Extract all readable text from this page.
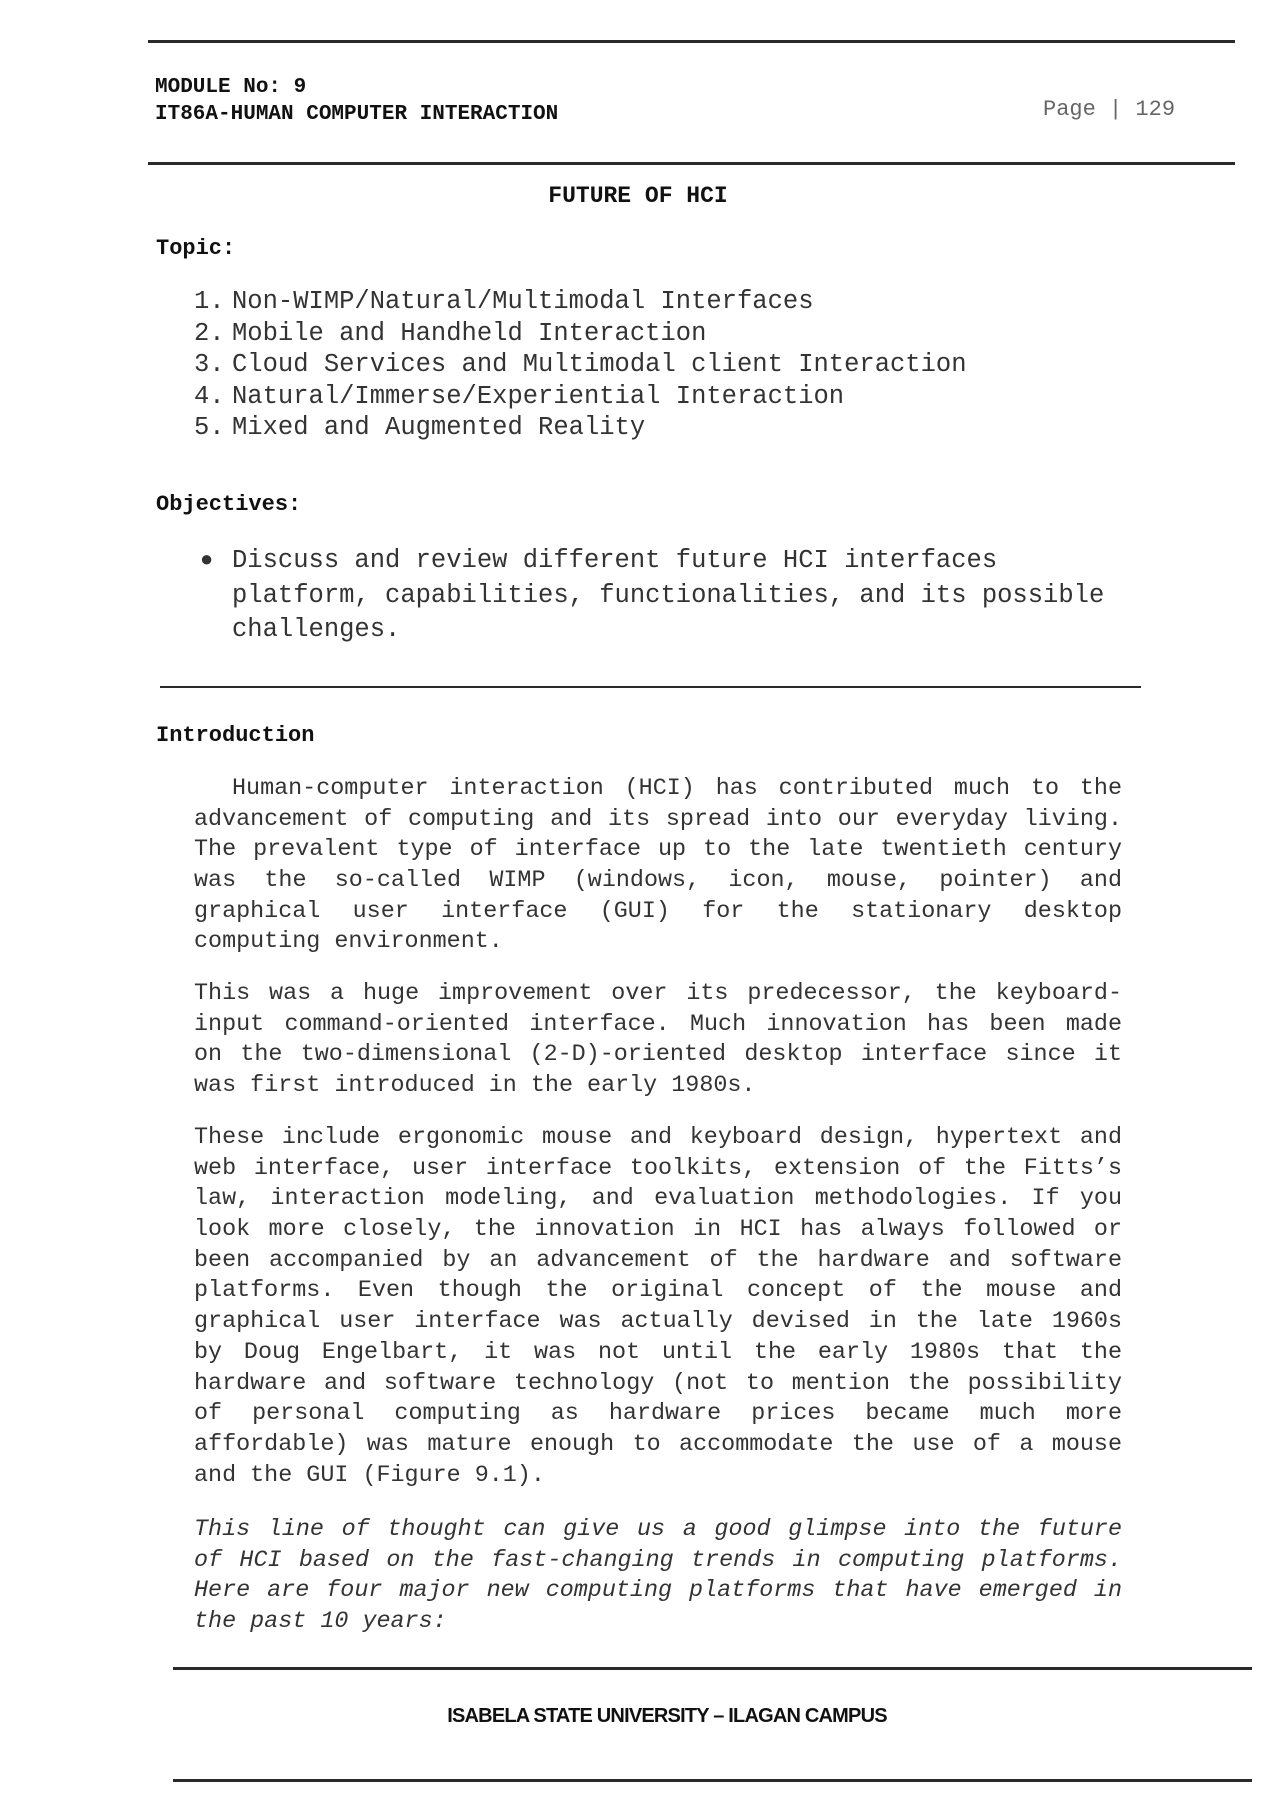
MODULE No: 9
IT86A-HUMAN COMPUTER INTERACTION	Page | 129
FUTURE OF HCI
Topic:
1. Non-WIMP/Natural/Multimodal Interfaces
2. Mobile and Handheld Interaction
3. Cloud Services and Multimodal client Interaction
4. Natural/Immerse/Experiential Interaction
5. Mixed and Augmented Reality
Objectives:
● Discuss and review different future HCI interfaces
platform, capabilities, functionalities, and its possible
challenges.
Introduction
Human-computer interaction (HCI) has contributed much to the
advancement of computing and its spread into our everyday living.
The prevalent type of interface up to the late twentieth century
was the so-called WIMP (windows, icon, mouse, pointer) and
graphical user interface (GUI) for the stationary desktop
computing environment.
This was a huge improvement over its predecessor, the keyboard-
input command-oriented interface. Much innovation has been made
on the two-dimensional (2-D)-oriented desktop interface since it
was first introduced in the early 1980s.
These include ergonomic mouse and keyboard design, hypertext and
web interface, user interface toolkits, extension of the Fitts’s
law, interaction modeling, and evaluation methodologies. If you
look more closely, the innovation in HCI has always followed or
been accompanied by an advancement of the hardware and software
platforms. Even though the original concept of the mouse and
graphical user interface was actually devised in the late 1960s
by Doug Engelbart, it was not until the early 1980s that the
hardware and software technology (not to mention the possibility
of personal computing as hardware prices became much more
affordable) was mature enough to accommodate the use of a mouse
and the GUI (Figure 9.1).
This line of thought can give us a good glimpse into the future
of HCI based on the fast-changing trends in computing platforms.
Here are four major new computing platforms that have emerged in
the past 10 years:
ISABELA STATE UNIVERSITY – ILAGAN CAMPUS
